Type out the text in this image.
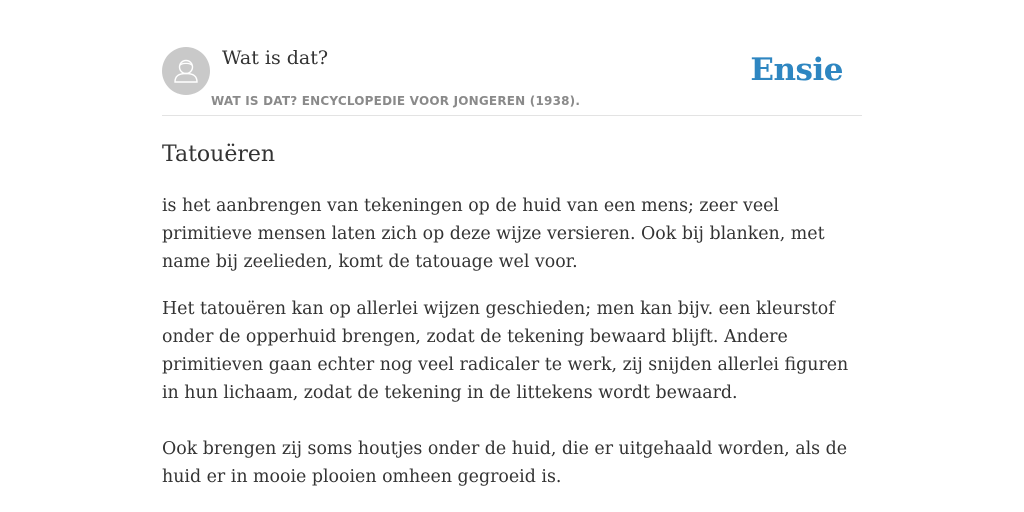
Wat is dat?
WAT IS DAT? ENCYCLOPEDIE VOOR JONGEREN (1938).
Ensie
Tatouëren

is het aanbrengen van tekeningen op de huid van een mens; zeer veel primitieve mensen laten zich op deze wijze versieren. Ook bij blanken, met name bij zeelieden, komt de tatouage wel voor.

Het tatouëren kan op allerlei wijzen geschieden; men kan bijv. een kleurstof onder de opperhuid brengen, zodat de tekening bewaard blijft. Andere primitieven gaan echter nog veel radicaler te werk, zij snijden allerlei figuren in hun lichaam, zodat de tekening in de littekens wordt bewaard.

Ook brengen zij soms houtjes onder de huid, die er uitgehaald worden, als de huid er in mooie plooien omheen gegroeid is.
